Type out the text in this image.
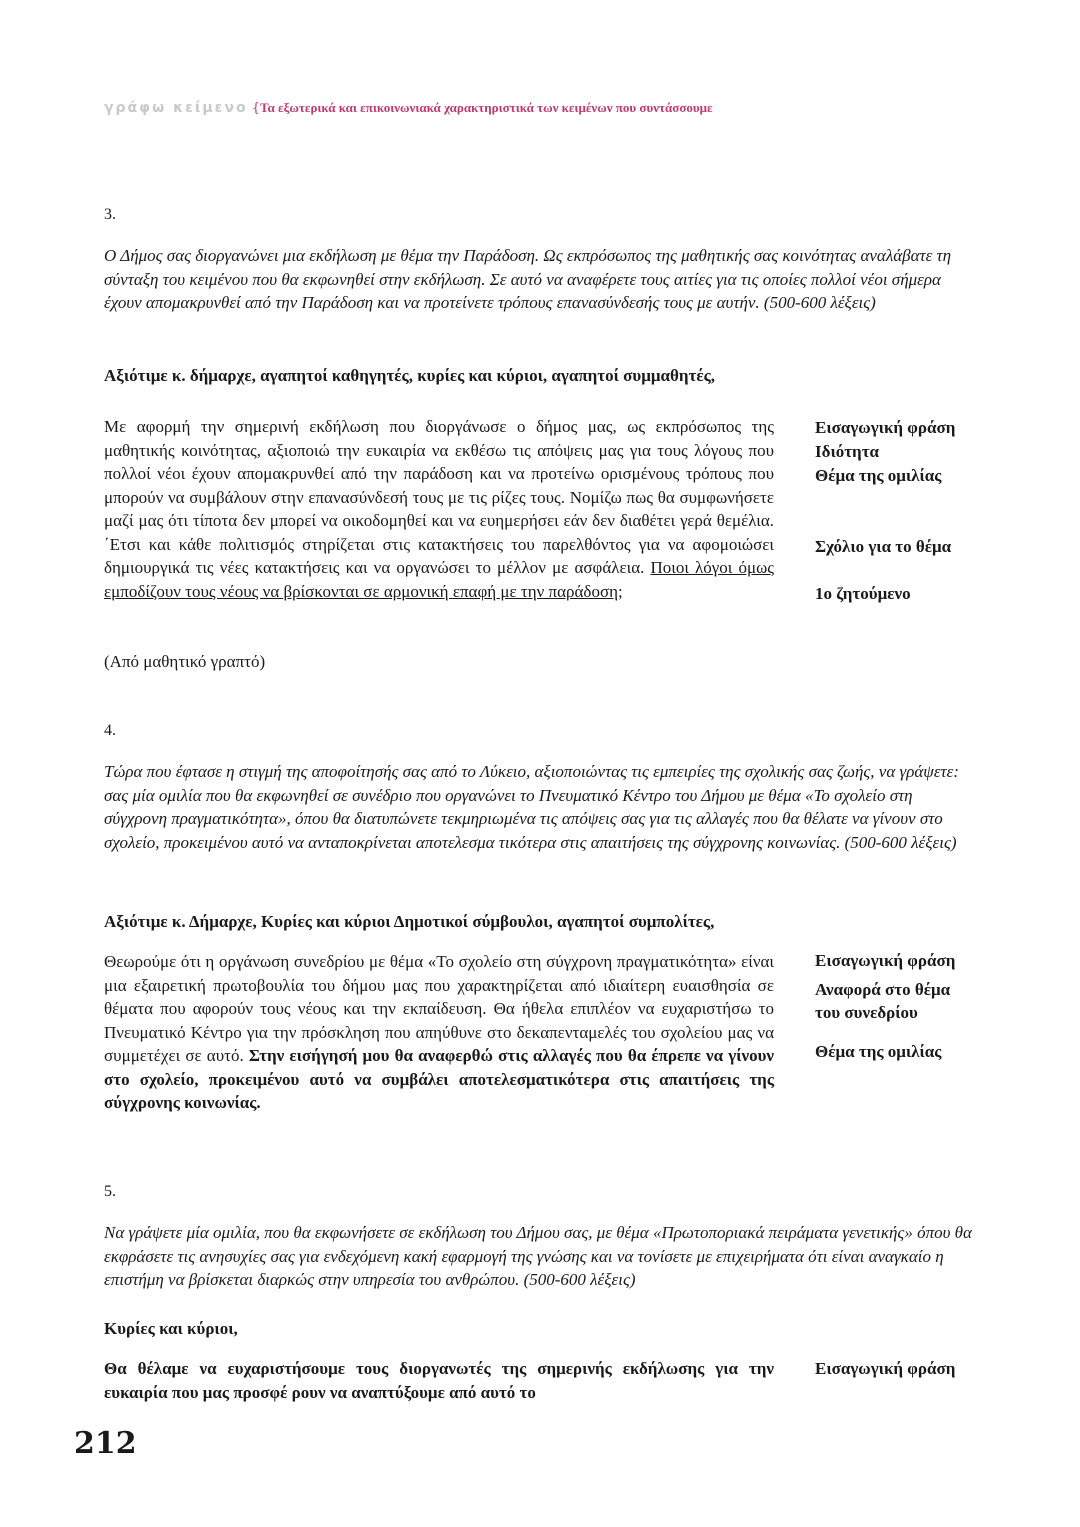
γράφω κείμενο {Τα εξωτερικά και επικοινωνιακά χαρακτηριστικά των κειμένων που συντάσσουμε
3.

Ο Δήμος σας διοργανώνει μια εκδήλωση με θέμα την Παράδοση. Ως εκπρόσωπος της μαθητικής σας κοινότητας αναλάβατε τη σύνταξη του κειμένου που θα εκφωνηθεί στην εκδήλωση. Σε αυτό να αναφέρετε τους αιτίες για τις οποίες πολλοί νέοι σήμερα έχουν απομακρυνθεί από την Παράδοση και να προτείνετε τρόπους επανασύνδεσής τους με αυτήν. (500-600 λέξεις)

Αξιότιμε κ. δήμαρχε, αγαπητοί καθηγητές, κυρίες και κύριοι, αγαπητοί συμμαθητές,

Με αφορμή την σημερινή εκδήλωση που διοργάνωσε ο δήμος μας, ως εκπρόσωπος της μαθητικής κοινότητας, αξιοποιώ την ευκαιρία να εκθέσω τις απόψεις μας για τους λόγους που πολλοί νέοι έχουν απομακρυνθεί από την παράδοση και να προτείνω ορισμένους τρόπους που μπορούν να συμβάλουν στην επανασύνδεσή τους με τις ρίζες τους. Νομίζω πως θα συμφωνήσετε μαζί μας ότι τίποτα δεν μπορεί να οικοδομηθεί και να ευημερήσει εάν δεν διαθέτει γερά θεμέλια. ΄Ετσι και κάθε πολιτισμός στηρίζεται στις κατακτήσεις του παρελθόντος για να αφομοιώσει δημιουργικά τις νέες κατακτήσεις και να οργανώσει το μέλλον με ασφάλεια. Ποιοι λόγοι όμως εμποδίζουν τους νέους να βρίσκονται σε αρμονική επαφή με την παράδοση;

Εισαγωγική φράση

Ιδιότητα

Θέμα της ομιλίας

Σχόλιο για το θέμα

1ο ζητούμενο

(Από μαθητικό γραπτό)

4.

Τώρα που έφτασε η στιγμή της αποφοίτησής σας από το Λύκειο, αξιοποιώντας τις εμπειρίες της σχολικής σας ζωής, να γράψετε: σας μία ομιλία που θα εκφωνηθεί σε συνέδριο που οργανώνει το Πνευματικό Κέντρο του Δήμου με θέμα «Το σχολείο στη σύγχρονη πραγματικότητα», όπου θα διατυπώνετε τεκμηριωμένα τις απόψεις σας για τις αλλαγές που θα θέλατε να γίνουν στο σχολείο, προκειμένου αυτό να ανταποκρίνεται αποτελεσμα τικότερα στις απαιτήσεις της σύγχρονης κοινωνίας. (500-600 λέξεις)

Αξιότιμε κ. Δήμαρχε, Κυρίες και κύριοι Δημοτικοί σύμβουλοι, αγαπητοί συμπολίτες,

Θεωρούμε ότι η οργάνωση συνεδρίου με θέμα «Το σχολείο στη σύγχρονη πραγματικότητα» είναι μια εξαιρετική πρωτοβουλία του δήμου μας που χαρακτηρίζεται από ιδιαίτερη ευαισθησία σε θέματα που αφορούν τους νέους και την εκπαίδευση. Θα ήθελα επιπλέον να ευχαριστήσω το Πνευματικό Κέντρο για την πρόσκληση που απηύθυνε στο δεκαπενταμελές του σχολείου μας να συμμετέχει σε αυτό. Στην εισήγησή μου θα αναφερθώ στις αλλαγές που θα έπρεπε να γίνουν στο σχολείο, προκειμένου αυτό να συμβάλει αποτελεσματικότερα στις απαιτήσεις της σύγχρονης κοινωνίας.

Εισαγωγική φράση

Αναφορά στο θέμα

του συνεδρίου

Θέμα της ομιλίας

5.

Να γράψετε μία ομιλία, που θα εκφωνήσετε σε εκδήλωση του Δήμου σας, με θέμα «Πρωτοποριακά πειράματα γενετικής» όπου θα εκφράσετε τις ανησυχίες σας για ενδεχόμενη κακή εφαρμογή της γνώσης και να τονίσετε με επιχειρήματα ότι είναι αναγκαίο η επιστήμη να βρίσκεται διαρκώς στην υπηρεσία του ανθρώπου. (500-600 λέξεις)

Κυρίες και κύριοι,

Θα θέλαμε να ευχαριστήσουμε τους διοργανωτές της σημερινής εκδήλωσης για την ευκαιρία που μας προσφέ ρουν να αναπτύξουμε από αυτό το

Εισαγωγική φράση

212
